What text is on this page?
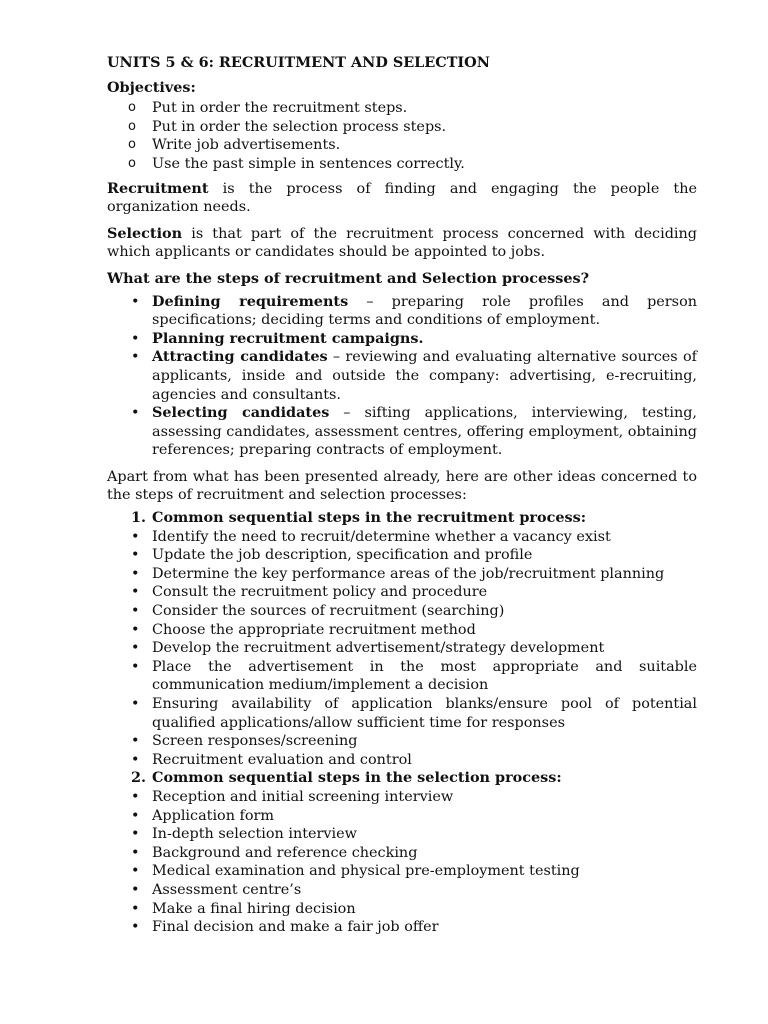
UNITS 5 & 6: RECRUITMENT AND SELECTION
Objectives:
o Put in order the recruitment steps.
o Put in order the selection process steps.
o Write job advertisements.
o Use the past simple in sentences correctly.

Recruitment is the process of finding and engaging the people the organization needs.

Selection is that part of the recruitment process concerned with deciding which applicants or candidates should be appointed to jobs.

What are the steps of recruitment and Selection processes?
• Defining requirements – preparing role profiles and person specifications; deciding terms and conditions of employment.
• Planning recruitment campaigns.
• Attracting candidates – reviewing and evaluating alternative sources of applicants, inside and outside the company: advertising, e-recruiting, agencies and consultants.
• Selecting candidates – sifting applications, interviewing, testing, assessing candidates, assessment centres, offering employment, obtaining references; preparing contracts of employment.

Apart from what has been presented already, here are other ideas concerned to the steps of recruitment and selection processes:

1. Common sequential steps in the recruitment process:
• Identify the need to recruit/determine whether a vacancy exist
• Update the job description, specification and profile
• Determine the key performance areas of the job/recruitment planning
• Consult the recruitment policy and procedure
• Consider the sources of recruitment (searching)
• Choose the appropriate recruitment method
• Develop the recruitment advertisement/strategy development
• Place the advertisement in the most appropriate and suitable communication medium/implement a decision
• Ensuring availability of application blanks/ensure pool of potential qualified applications/allow sufficient time for responses
• Screen responses/screening
• Recruitment evaluation and control
2. Common sequential steps in the selection process:
• Reception and initial screening interview
• Application form
• In-depth selection interview
• Background and reference checking
• Medical examination and physical pre-employment testing
• Assessment centre’s
• Make a final hiring decision
• Final decision and make a fair job offer
